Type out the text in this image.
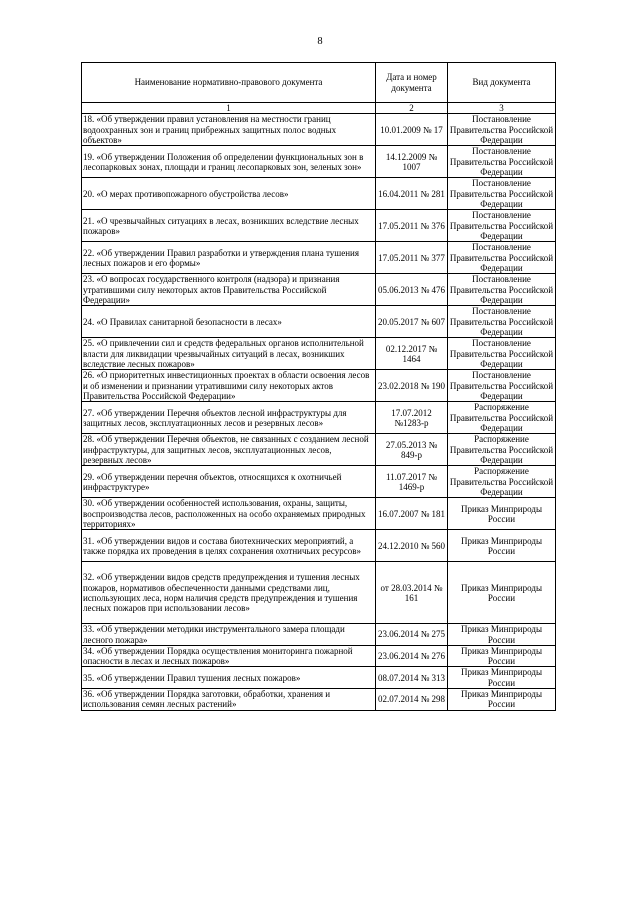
8
Наименование нормативно-правового документа	Дата и номер документа	Вид документа
1	2	3
18. «Об утверждении правил установления на местности границ водоохранных зон и границ прибрежных защитных полос водных объектов»	10.01.2009 № 17	Постановление Правительства Российской Федерации
19. «Об утверждении Положения об определении функциональных зон в лесопарковых зонах, площади и границ лесопарковых зон, зеленых зон»	14.12.2009 № 1007	Постановление Правительства Российской Федерации
20. «О мерах противопожарного обустройства лесов»	16.04.2011 № 281	Постановление Правительства Российской Федерации
21. «О чрезвычайных ситуациях в лесах, возникших вследствие лесных пожаров»	17.05.2011 № 376	Постановление Правительства Российской Федерации
22. «Об утверждении Правил разработки и утверждения плана тушения лесных пожаров и его формы»	17.05.2011 № 377	Постановление Правительства Российской Федерации
23. «О вопросах государственного контроля (надзора) и признания утратившими силу некоторых актов Правительства Российской Федерации»	05.06.2013 № 476	Постановление Правительства Российской Федерации
24. «О Правилах санитарной безопасности в лесах»	20.05.2017 № 607	Постановление Правительства Российской Федерации
25. «О привлечении сил и средств федеральных органов исполнительной власти для ликвидации чрезвычайных ситуаций в лесах, возникших вследствие лесных пожаров»	02.12.2017 № 1464	Постановление Правительства Российской Федерации
26. «О приоритетных инвестиционных проектах в области освоения лесов и об изменении и признании утратившими силу некоторых актов Правительства Российской Федерации»	23.02.2018 № 190	Постановление Правительства Российской Федерации
27. «Об утверждении Перечня объектов лесной инфраструктуры для защитных лесов, эксплуатационных лесов и резервных лесов»	17.07.2012 №1283-р	Распоряжение Правительства Российской Федерации
28. «Об утверждении Перечня объектов, не связанных с созданием лесной инфраструктуры, для защитных лесов, эксплуатационных лесов, резервных лесов»	27.05.2013 № 849-р	Распоряжение Правительства Российской Федерации
29. «Об утверждении перечня объектов, относящихся к охотничьей инфраструктуре»	11.07.2017 № 1469-р	Распоряжение Правительства Российской Федерации
30. «Об утверждении особенностей использования, охраны, защиты, воспроизводства лесов, расположенных на особо охраняемых природных территориях»	16.07.2007 № 181	Приказ Минприроды России
31. «Об утверждении видов и состава биотехнических мероприятий, а также порядка их проведения в целях сохранения охотничьих ресурсов»	24.12.2010 № 560	Приказ Минприроды России
32. «Об утверждении видов средств предупреждения и тушения лесных пожаров, нормативов обеспеченности данными средствами лиц, использующих леса, норм наличия средств предупреждения и тушения лесных пожаров при использовании лесов»	от 28.03.2014 № 161	Приказ Минприроды России
33. «Об утверждении методики инструментального замера площади лесного пожара»	23.06.2014 № 275	Приказ Минприроды России
34. «Об утверждении Порядка осуществления мониторинга пожарной опасности в лесах и лесных пожаров»	23.06.2014 № 276	Приказ Минприроды России
35. «Об утверждении Правил тушения лесных пожаров»	08.07.2014 № 313	Приказ Минприроды России
36. «Об утверждении Порядка заготовки, обработки, хранения и использования семян лесных растений»	02.07.2014 № 298	Приказ Минприроды России
